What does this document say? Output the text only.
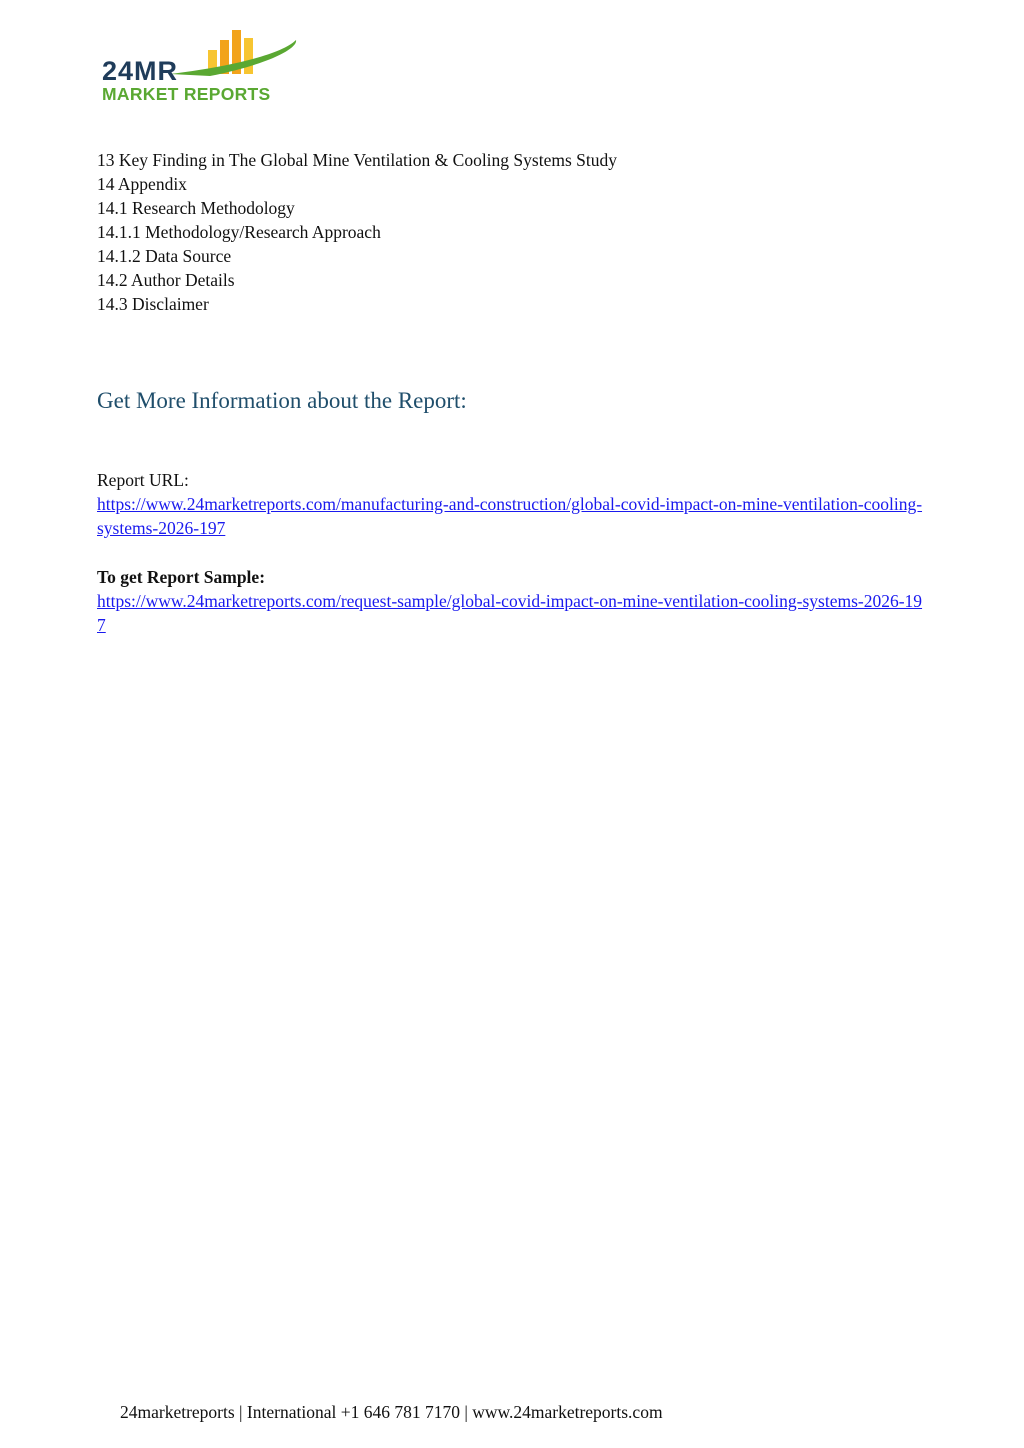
24MR
MARKET REPORTS
13 Key Finding in The Global Mine Ventilation & Cooling Systems Study
14 Appendix
14.1 Research Methodology
14.1.1 Methodology/Research Approach
14.1.2 Data Source
14.2 Author Details
14.3 Disclaimer
Get More Information about the Report:
Report URL:
https://www.24marketreports.com/manufacturing-and-construction/global-covid-impact-on-mine-ventilation-cooling-systems-2026-197
To get Report Sample:
https://www.24marketreports.com/request-sample/global-covid-impact-on-mine-ventilation-cooling-systems-2026-197
24marketreports | International +1 646 781 7170 | www.24marketreports.com
